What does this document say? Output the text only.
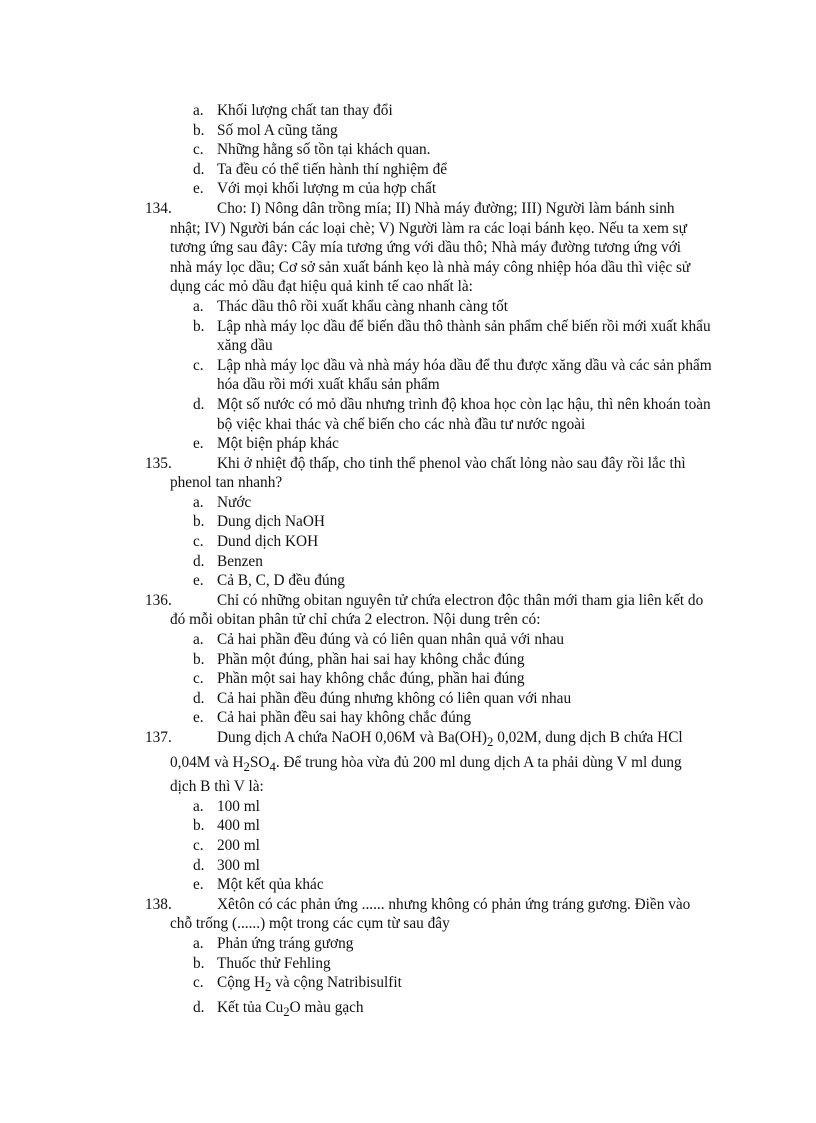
a. Khối lượng chất tan thay đổi
b. Số mol A cũng tăng
c. Những hằng số tồn tại khách quan.
d. Ta đều có thể tiến hành thí nghiệm để
e. Với mọi khối lượng m của hợp chất
134.	Cho: I) Nông dân trồng mía; II) Nhà máy đường; III) Người làm bánh sinh nhật; IV) Người bán các loại chè; V) Người làm ra các loại bánh kẹo. Nếu ta xem sự tương ứng sau đây: Cây mía tương ứng với dầu thô; Nhà máy đường tương ứng với nhà máy lọc dầu; Cơ sở sản xuất bánh kẹo là nhà máy công nhiệp hóa dầu thì việc sử dụng các mỏ dầu đạt hiệu quả kinh tế cao nhất là:
a. Thác dầu thô rồi xuất khẩu càng nhanh càng tốt
b. Lập nhà máy lọc dầu để biến dầu thô thành sản phẩm chế biến rồi mới xuất khẩu xăng dầu
c. Lập nhà máy lọc dầu và nhà máy hóa dầu để thu được xăng dầu và các sản phẩm hóa dầu rồi mới xuất khẩu sản phẩm
d. Một số nước có mỏ dầu nhưng trình độ khoa học còn lạc hậu, thì nên khoán toàn bộ việc khai thác và chế biến cho các nhà đầu tư nước ngoài
e. Một biện pháp khác
135.	Khi ở nhiệt độ thấp, cho tinh thể phenol vào chất lỏng nào sau đây rồi lắc thì phenol tan nhanh?
a. Nước
b. Dung dịch NaOH
c. Dund dịch KOH
d. Benzen
e. Cả B, C, D đều đúng
136.	Chỉ có những obitan nguyên tử chứa electron độc thân mới tham gia liên kết do đó mỗi obitan phân tử chỉ chứa 2 electron. Nội dung trên có:
a. Cả hai phần đều đúng và có liên quan nhân quả với nhau
b. Phần một đúng, phần hai sai hay không chắc đúng
c. Phần một sai hay không chắc đúng, phần hai đúng
d. Cả hai phần đều đúng nhưng không có liên quan với nhau
e. Cả hai phần đều sai hay không chắc đúng
137.	Dung dịch A chứa NaOH 0,06M và $Ba(OH)_2$ 0,02M, dung dịch B chứa HCl 0,04M và $H_2SO_4$. Để trung hòa vừa đủ 200 ml dung dịch A ta phải dùng V ml dung dịch B thì V là:
a. 100 ml
b. 400 ml
c. 200 ml
d. 300 ml
e. Một kết qủa khác
138.	Xêtôn có các phản ứng ...... nhưng không có phản ứng tráng gương. Điền vào chỗ trống (......) một trong các cụm từ sau đây
a. Phản ứng tráng gương
b. Thuốc thử Fehling
c. Cộng $H_2$ và cộng Natribisulfit
d. Kết tủa $Cu_2O$ màu gạch
